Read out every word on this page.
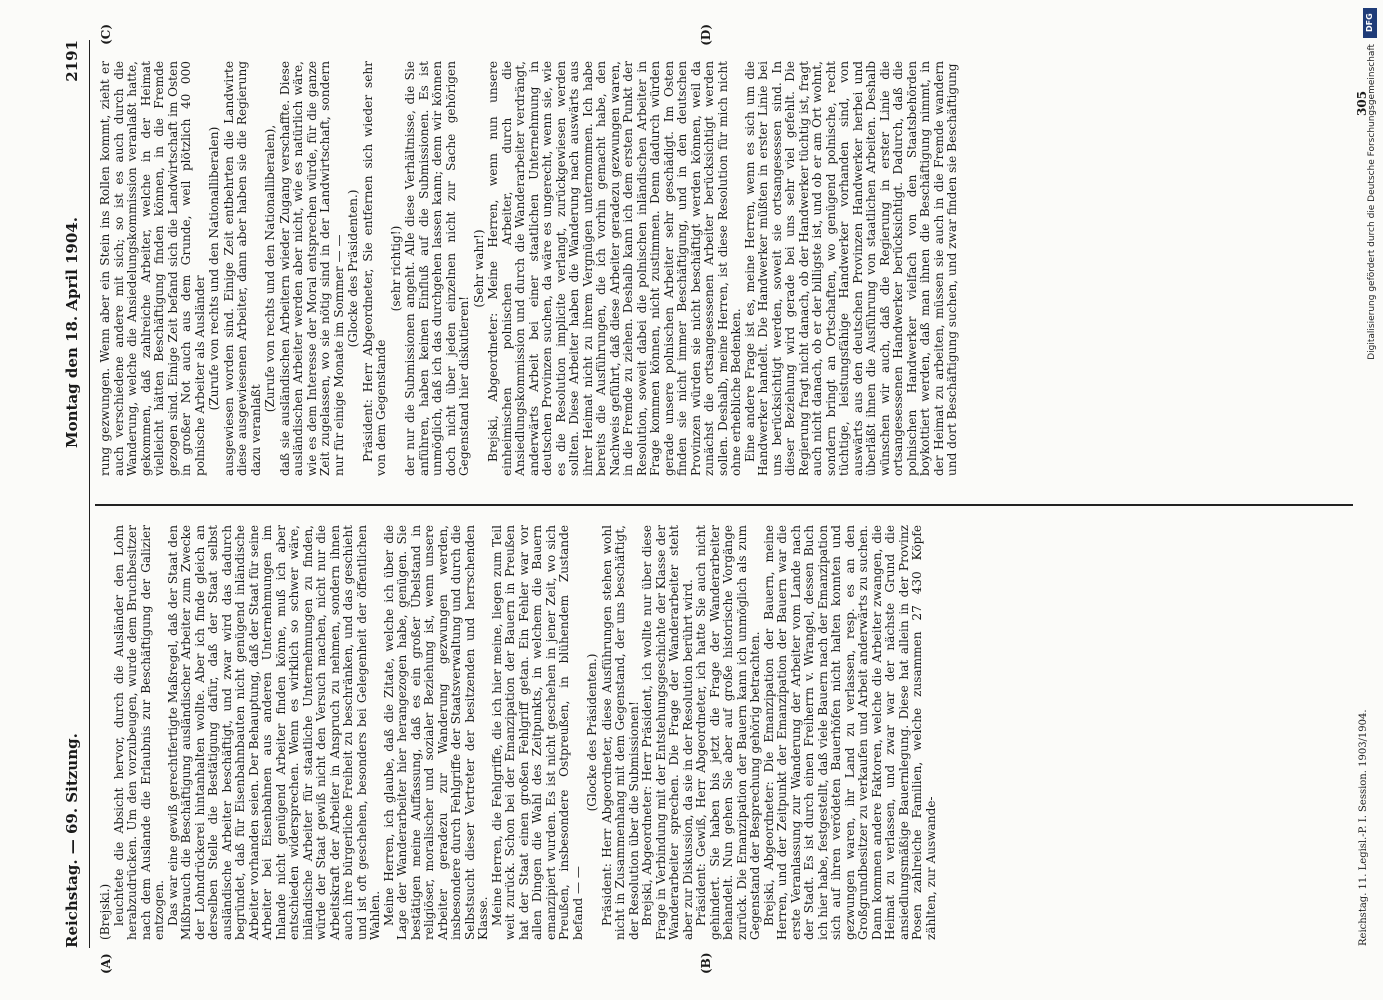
Reichstag. — 69. Sitzung.
Montag den 18. April 1904.
2191
(A)	(B)
(C)	(D)

(Brejski.) leuchtete die Absicht hervor, durch die Ausländer den Lohn herabzudrücken. Um den vorzubeugen, wurde dem Bruchbesitzer nach dem Auslande die Erlaubnis zur Beschäftigung der Galizier entzogen. Das war eine gewiß gerechtfertigte Maßregel, daß der Staat den Mißbrauch die Beschäftigung ausländischer Arbeiter zum Zwecke der Lohndrückerei hintanhalten wollte. Aber ich finde gleich an derselben Stelle die Bestätigung dafür, daß der Staat selbst ausländische Arbeiter beschäftigt, und zwar wird das dadurch begründet, daß für Eisenbahnbauten nicht genügend inländische Arbeiter vorhanden seien. Der Behauptung, daß der Staat für seine Arbeiter bei Eisenbahnen aus anderen Unternehmungen im Inlande nicht genügend Arbeiter finden könne, muß ich aber entschieden widersprechen. Wenn es wirklich so schwer wäre, inländische Arbeiter für staatliche Unternehmungen zu finden, würde der Staat gewiß nicht den Versuch machen, nicht nur die Arbeitskraft der Arbeiter in Anspruch zu nehmen, sondern ihnen auch ihre bürgerliche Freiheit zu beschränken, und das geschieht und ist oft geschehen, besonders bei Gelegenheit der öffentlichen Wahlen. Meine Herren, ich glaube, daß die Zitate, welche ich über die Lage der Wanderarbeiter hier herangezogen habe, genügen. Sie bestätigen meine Auffassung, daß es ein großer Übelstand in religiöser, moralischer und sozialer Beziehung ist, wenn unsere Arbeiter geradezu zur Wanderung gezwungen werden, insbesondere durch Fehlgriffe der Staatsverwaltung und durch die Selbstsucht dieser Vertreter der besitzenden und herrschenden Klasse. Meine Herren, die Fehlgriffe, die ich hier meine, liegen zum Teil weit zurück. Schon bei der Emanzipation der Bauern in Preußen hat der Staat einen großen Fehlgriff getan. Ein Fehler war vor allen Dingen die Wahl des Zeitpunkts, in welchem die Bauern emanzipiert wurden. Es ist nicht geschehen in jener Zeit, wo sich Preußen, insbesondere Ostpreußen, in blühendem Zustande befand — —

(Glocke des Präsidenten.) Präsident: Herr Abgeordneter, diese Ausführungen stehen wohl nicht in Zusammenhang mit dem Gegenstand, der uns beschäftigt, der Resolution über die Submissionen! Brejski, Abgeordneter: Herr Präsident, ich wollte nur über diese Frage in Verbindung mit der Entstehungsgeschichte der Klasse der Wanderarbeiter sprechen. Die Frage der Wanderarbeiter steht aber zur Diskussion, da sie in der Resolution berührt wird. Präsident: Gewiß, Herr Abgeordneter, ich hatte Sie auch nicht gehindert. Sie haben bis jetzt die Frage der Wanderarbeiter behandelt. Nun gehen Sie aber auf große historische Vorgänge zurück. Die Emanzipation der Bauern kann ich unmöglich als zum Gegenstand der Besprechung gehörig betrachten. Brejski, Abgeordneter: Die Emanzipation der Bauern, meine Herren, und der Zeitpunkt der Emanzipation der Bauern war die erste Veranlassung zur Wanderung der Arbeiter vom Lande nach der Stadt. Es ist durch einen Freiherrn v. Wrangel, dessen Buch ich hier habe, festgestellt, daß viele Bauern nach der Emanzipation sich auf ihren verödeten Bauerhöfen nicht halten konnten und gezwungen waren, ihr Land zu verlassen, resp. es an den Großgrundbesitzer zu verkaufen und Arbeit anderwärts zu suchen. Dann kommen andere Faktoren, welche die Arbeiter zwangen, die Heimat zu verlassen, und zwar war der nächste Grund die ansiedlungsmäßige Bauernlegung. Diese hat allein in der Provinz Posen zahlreiche Familien, welche zusammen 27 430 Köpfe zählten, zur Auswande-

rung gezwungen. Wenn aber ein Stein ins Rollen kommt, zieht er auch verschiedene andere mit sich; so ist es auch durch die Wanderung, welche die Ansiedelungskommission veranlaßt hatte, gekommen, daß zahlreiche Arbeiter, welche in der Heimat vielleicht hätten Beschäftigung finden können, in die Fremde gezogen sind. Einige Zeit befand sich die Landwirtschaft im Osten in großer Not auch aus dem Grunde, weil plötzlich 40 000 polnische Arbeiter als Ausländer (Zurufe von rechts und den Nationalliberalen) ausgewiesen worden sind. Einige Zeit entbehrten die Landwirte diese ausgewiesenen Arbeiter, dann aber haben sie die Regierung dazu veranlaßt

(Zurufe von rechts und den Nationalliberalen), daß sie ausländischen Arbeitern wieder Zugang verschaffte. Diese ausländischen Arbeiter werden aber nicht, wie es natürlich wäre, wie es dem Interesse der Moral entsprechen würde, für die ganze Zeit zugelassen, wo sie nötig sind in der Landwirtschaft, sondern nur für einige Monate im Sommer — — (Glocke des Präsidenten.) Präsident: Herr Abgeordneter, Sie entfernen sich wieder sehr von dem Gegenstande

(sehr richtig!) der nur die Submissionen angeht. Alle diese Verhältnisse, die Sie anführen, haben keinen Einfluß auf die Submissionen. Es ist unmöglich, daß ich das durchgehen lassen kann; denn wir können doch nicht über jeden einzelnen nicht zur Sache gehörigen Gegenstand hier diskutieren!

(Sehr wahr!) Brejski, Abgeordneter: Meine Herren, wenn nun unsere einheimischen polnischen Arbeiter, durch die Ansiedlungskommission und durch die Wanderarbeiter verdrängt, anderwärts Arbeit bei einer staatlichen Unternehmung in deutschen Provinzen suchen, da wäre es ungerecht, wenn sie, wie es die Resolution implicite verlangt, zurückgewiesen werden sollten. Diese Arbeiter haben die Wanderung nach auswärts aus ihrer Heimat nicht zu ihrem Vergnügen unternommen. Ich habe bereits die Ausführungen, die ich vorhin gemacht habe, den Nachweis geführt, daß diese Arbeiter geradezu gezwungen waren, in die Fremde zu ziehen. Deshalb kann ich dem ersten Punkt der Resolution, soweit dabei die polnischen inländischen Arbeiter in Frage kommen können, nicht zustimmen. Denn dadurch würden gerade unsere polnischen Arbeiter sehr geschädigt. Im Osten finden sie nicht immer Beschäftigung, und in den deutschen Provinzen würden sie nicht beschäftigt werden können, weil da zunächst die ortsangesessenen Arbeiter berücksichtigt werden sollen. Deshalb, meine Herren, ist diese Resolution für mich nicht ohne erhebliche Bedenken. Eine andere Frage ist es, meine Herren, wenn es sich um die Handwerker handelt. Die Handwerker müßten in erster Linie bei uns berücksichtigt werden, soweit sie ortsangesessen sind. In dieser Beziehung wird gerade bei uns sehr viel gefehlt. Die Regierung fragt nicht danach, ob der Handwerker tüchtig ist, fragt auch nicht danach, ob er der billigste ist, und ob er am Ort wohnt, sondern bringt an Ortschaften, wo genügend polnische, recht tüchtige, leistungsfähige Handwerker vorhanden sind, von auswärts aus den deutschen Provinzen Handwerker herbei und überläßt ihnen die Ausführung von staatlichen Arbeiten. Deshalb wünschen wir auch, daß die Regierung in erster Linie die ortsangesessenen Handwerker berücksichtigt. Dadurch, daß die polnischen Handwerker vielfach von den Staatsbehörden boykottiert werden, daß man ihnen die Beschäftigung nimmt, in der Heimat zu arbeiten, müssen sie auch in die Fremde wandern und dort Beschäftigung suchen, und zwar finden sie Beschäftigung

Reichstag. 11. Legisl.-P. I. Session. 1903/1904.
305
DFG
Digitalisierung gefördert durch die Deutsche Forschungsgemeinschaft
